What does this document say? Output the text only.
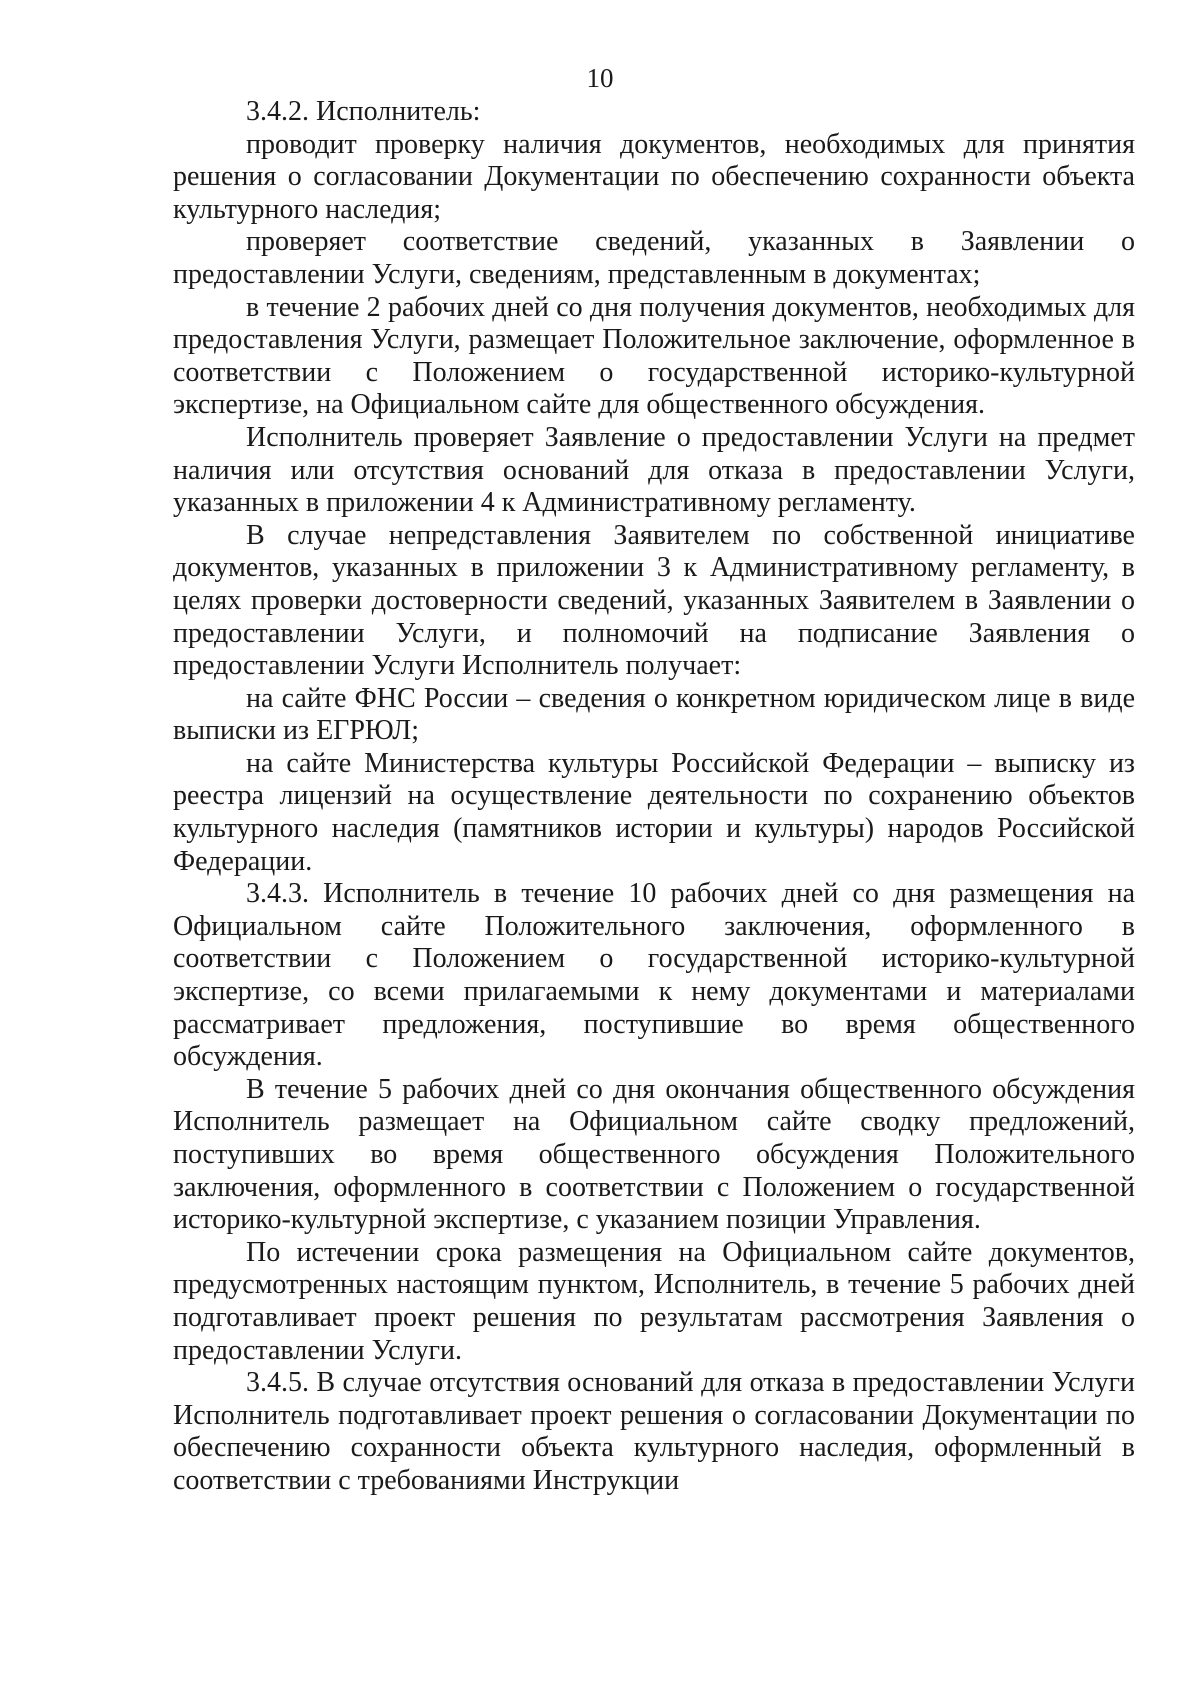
10

3.4.2. Исполнитель:

проводит проверку наличия документов, необходимых для принятия решения о согласовании Документации по обеспечению сохранности объекта культурного наследия;

проверяет соответствие сведений, указанных в Заявлении о предоставлении Услуги, сведениям, представленным в документах;

в течение 2 рабочих дней со дня получения документов, необходимых для предоставления Услуги, размещает Положительное заключение, оформленное в соответствии с Положением о государственной историко-культурной экспертизе, на Официальном сайте для общественного обсуждения.

Исполнитель проверяет Заявление о предоставлении Услуги на предмет наличия или отсутствия оснований для отказа в предоставлении Услуги, указанных в приложении 4 к Административному регламенту.

В случае непредставления Заявителем по собственной инициативе документов, указанных в приложении 3 к Административному регламенту, в целях проверки достоверности сведений, указанных Заявителем в Заявлении о предоставлении Услуги, и полномочий на подписание Заявления о предоставлении Услуги Исполнитель получает:

на сайте ФНС России – сведения о конкретном юридическом лице в виде выписки из ЕГРЮЛ;

на сайте Министерства культуры Российской Федерации – выписку из реестра лицензий на осуществление деятельности по сохранению объектов культурного наследия (памятников истории и культуры) народов Российской Федерации.

3.4.3. Исполнитель в течение 10 рабочих дней со дня размещения на Официальном сайте Положительного заключения, оформленного в соответствии с Положением о государственной историко-культурной экспертизе, со всеми прилагаемыми к нему документами и материалами рассматривает предложения, поступившие во время общественного обсуждения.

В течение 5 рабочих дней со дня окончания общественного обсуждения Исполнитель размещает на Официальном сайте сводку предложений, поступивших во время общественного обсуждения Положительного заключения, оформленного в соответствии с Положением о государственной историко-культурной экспертизе, с указанием позиции Управления.

По истечении срока размещения на Официальном сайте документов, предусмотренных настоящим пунктом, Исполнитель, в течение 5 рабочих дней подготавливает проект решения по результатам рассмотрения Заявления о предоставлении Услуги.

3.4.5. В случае отсутствия оснований для отказа в предоставлении Услуги Исполнитель подготавливает проект решения о согласовании Документации по обеспечению сохранности объекта культурного наследия, оформленный в соответствии с требованиями Инструкции
